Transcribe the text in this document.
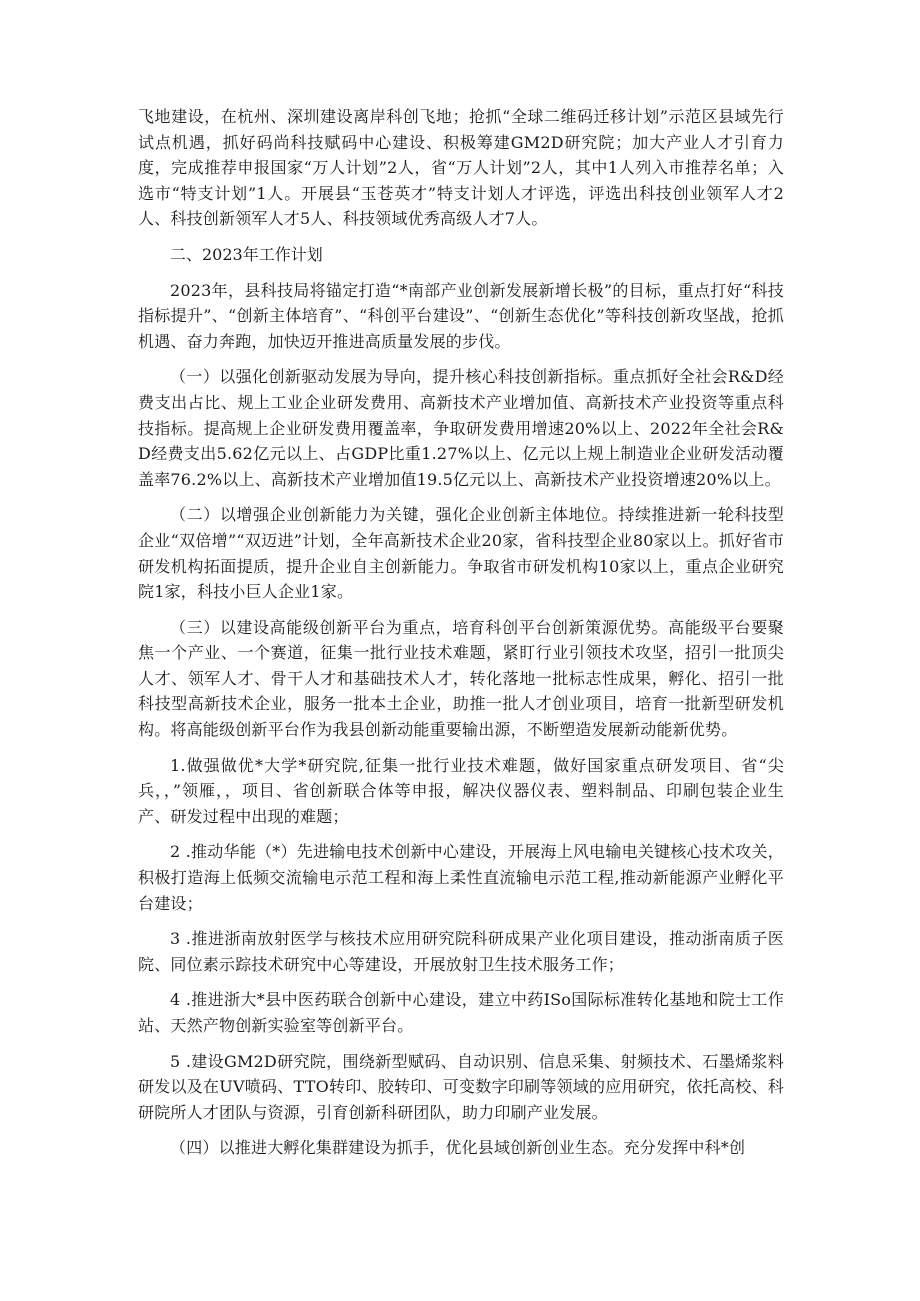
飞地建设，在杭州、深圳建设离岸科创飞地；抢抓“全球二维码迁移计划”示范区县域先行试点机遇，抓好码尚科技赋码中心建设、积极筹建GM2D研究院；加大产业人才引育力度，完成推荐申报国家“万人计划”2人，省“万人计划”2人，其中1人列入市推荐名单；入选市“特支计划”1人。开展县“玉苍英才”特支计划人才评选，评选出科技创业领军人才2人、科技创新领军人才5人、科技领域优秀高级人才7人。

二、2023年工作计划

2023年，县科技局将锚定打造“*南部产业创新发展新增长极”的目标，重点打好“科技指标提升”、“创新主体培育”、“科创平台建设”、“创新生态优化”等科技创新攻坚战，抢抓机遇、奋力奔跑，加快迈开推进高质量发展的步伐。

（一）以强化创新驱动发展为导向，提升核心科技创新指标。重点抓好全社会R&D经费支出占比、规上工业企业研发费用、高新技术产业增加值、高新技术产业投资等重点科技指标。提高规上企业研发费用覆盖率，争取研发费用增速20%以上、2022年全社会R&D经费支出5.62亿元以上、占GDP比重1.27%以上、亿元以上规上制造业企业研发活动覆盖率76.2%以上、高新技术产业增加值19.5亿元以上、高新技术产业投资增速20%以上。

（二）以增强企业创新能力为关键，强化企业创新主体地位。持续推进新一轮科技型企业“双倍增”“双迈进”计划，全年高新技术企业20家，省科技型企业80家以上。抓好省市研发机构拓面提质，提升企业自主创新能力。争取省市研发机构10家以上，重点企业研究院1家，科技小巨人企业1家。

（三）以建设高能级创新平台为重点，培育科创平台创新策源优势。高能级平台要聚焦一个产业、一个赛道，征集一批行业技术难题，紧盯行业引领技术攻坚，招引一批顶尖人才、领军人才、骨干人才和基础技术人才，转化落地一批标志性成果，孵化、招引一批科技型高新技术企业，服务一批本土企业，助推一批人才创业项目，培育一批新型研发机构。将高能级创新平台作为我县创新动能重要输出源，不断塑造发展新动能新优势。

1.做强做优*大学*研究院,征集一批行业技术难题，做好国家重点研发项目、省“尖兵，，”领雁，，项目、省创新联合体等申报，解决仪器仪表、塑料制品、印刷包装企业生产、研发过程中出现的难题；

2 .推动华能（*）先进输电技术创新中心建设，开展海上风电输电关键核心技术攻关，积极打造海上低频交流输电示范工程和海上柔性直流输电示范工程,推动新能源产业孵化平台建设；

3 .推进浙南放射医学与核技术应用研究院科研成果产业化项目建设，推动浙南质子医院、同位素示踪技术研究中心等建设，开展放射卫生技术服务工作；

4 .推进浙大*县中医药联合创新中心建设，建立中药ISo国际标准转化基地和院士工作站、天然产物创新实验室等创新平台。

5 .建设GM2D研究院，围绕新型赋码、自动识别、信息采集、射频技术、石墨烯浆料研发以及在UV喷码、TTO转印、胶转印、可变数字印刷等领域的应用研究，依托高校、科研院所人才团队与资源，引育创新科研团队，助力印刷产业发展。

（四）以推进大孵化集群建设为抓手，优化县域创新创业生态。充分发挥中科*创
